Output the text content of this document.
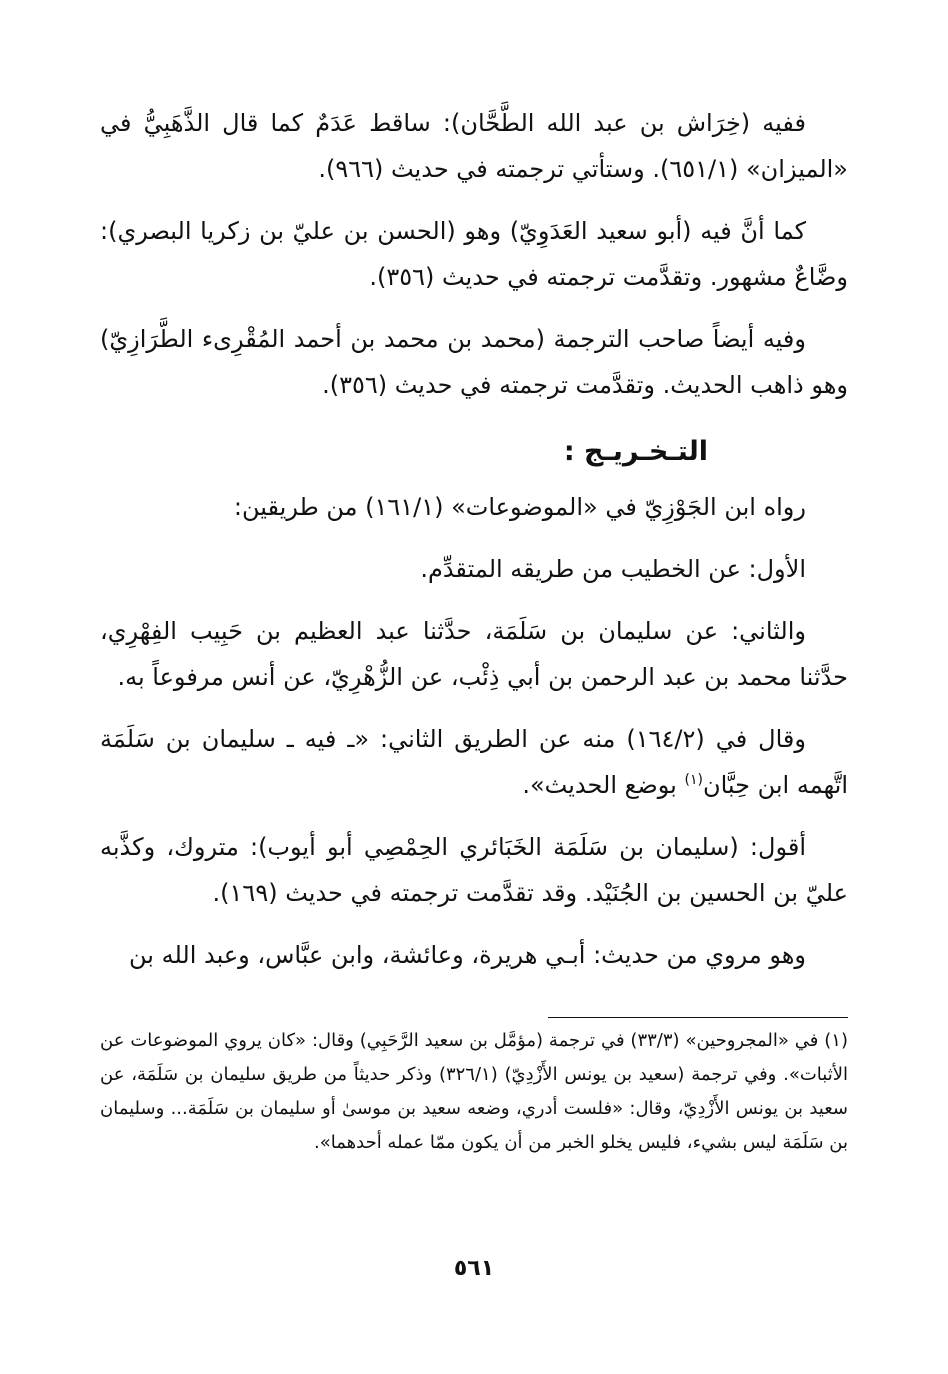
ففيه (خِرَاش بن عبد الله الطَّحَّان): ساقط عَدَمٌ كما قال الذَّهَبِيُّ في «الميزان» (٦٥١/١). وستأتي ترجمته في حديث (٩٦٦).

كما أنَّ فيه (أبو سعيد العَدَوِيّ) وهو (الحسن بن عليّ بن زكريا البصري): وضَّاعٌ مشهور. وتقدَّمت ترجمته في حديث (٣٥٦).

وفيه أيضاً صاحب الترجمة (محمد بن محمد بن أحمد المُقْرِىء الطَّرَازِيّ) وهو ذاهب الحديث. وتقدَّمت ترجمته في حديث (٣٥٦).

التـخـريـج :

رواه ابن الجَوْزِيّ في «الموضوعات» (١٦١/١) من طريقين:

الأول: عن الخطيب من طريقه المتقدِّم.

والثاني: عن سليمان بن سَلَمَة، حدَّثنا عبد العظيم بن حَبِيب الفِهْرِي، حدَّثنا محمد بن عبد الرحمن بن أبي ذِئْب، عن الزُّهْرِيّ، عن أنس مرفوعاً به.

وقال في (١٦٤/٢) منه عن الطريق الثاني: «ـ فيه ـ سليمان بن سَلَمَة اتَّهمه ابن حِبَّان$^{(١)}$ بوضع الحديث».

أقول: (سليمان بن سَلَمَة الخَبَائري الحِمْصِي أبو أيوب): متروك، وكذَّبه عليّ بن الحسين بن الجُنَيْد. وقد تقدَّمت ترجمته في حديث (١٦٩).

وهو مروي من حديث: أبـي هريرة، وعائشة، وابن عبَّاس، وعبد الله بن

(١) في «المجروحين» (٣٣/٣) في ترجمة (مؤمَّل بن سعيد الرَّحَبِي) وقال: «كان يروي الموضوعات عن الأثبات». وفي ترجمة (سعيد بن يونس الأَزْدِيّ) (٣٢٦/١) وذكر حديثاً من طريق سليمان بن سَلَمَة، عن سعيد بن يونس الأَزْدِيّ، وقال: «فلست أدري، وضعه سعيد بن موسىٰ أو سليمان بن سَلَمَة... وسليمان بن سَلَمَة ليس بشيء، فليس يخلو الخبر من أن يكون ممّا عمله أحدهما».

٥٦١
